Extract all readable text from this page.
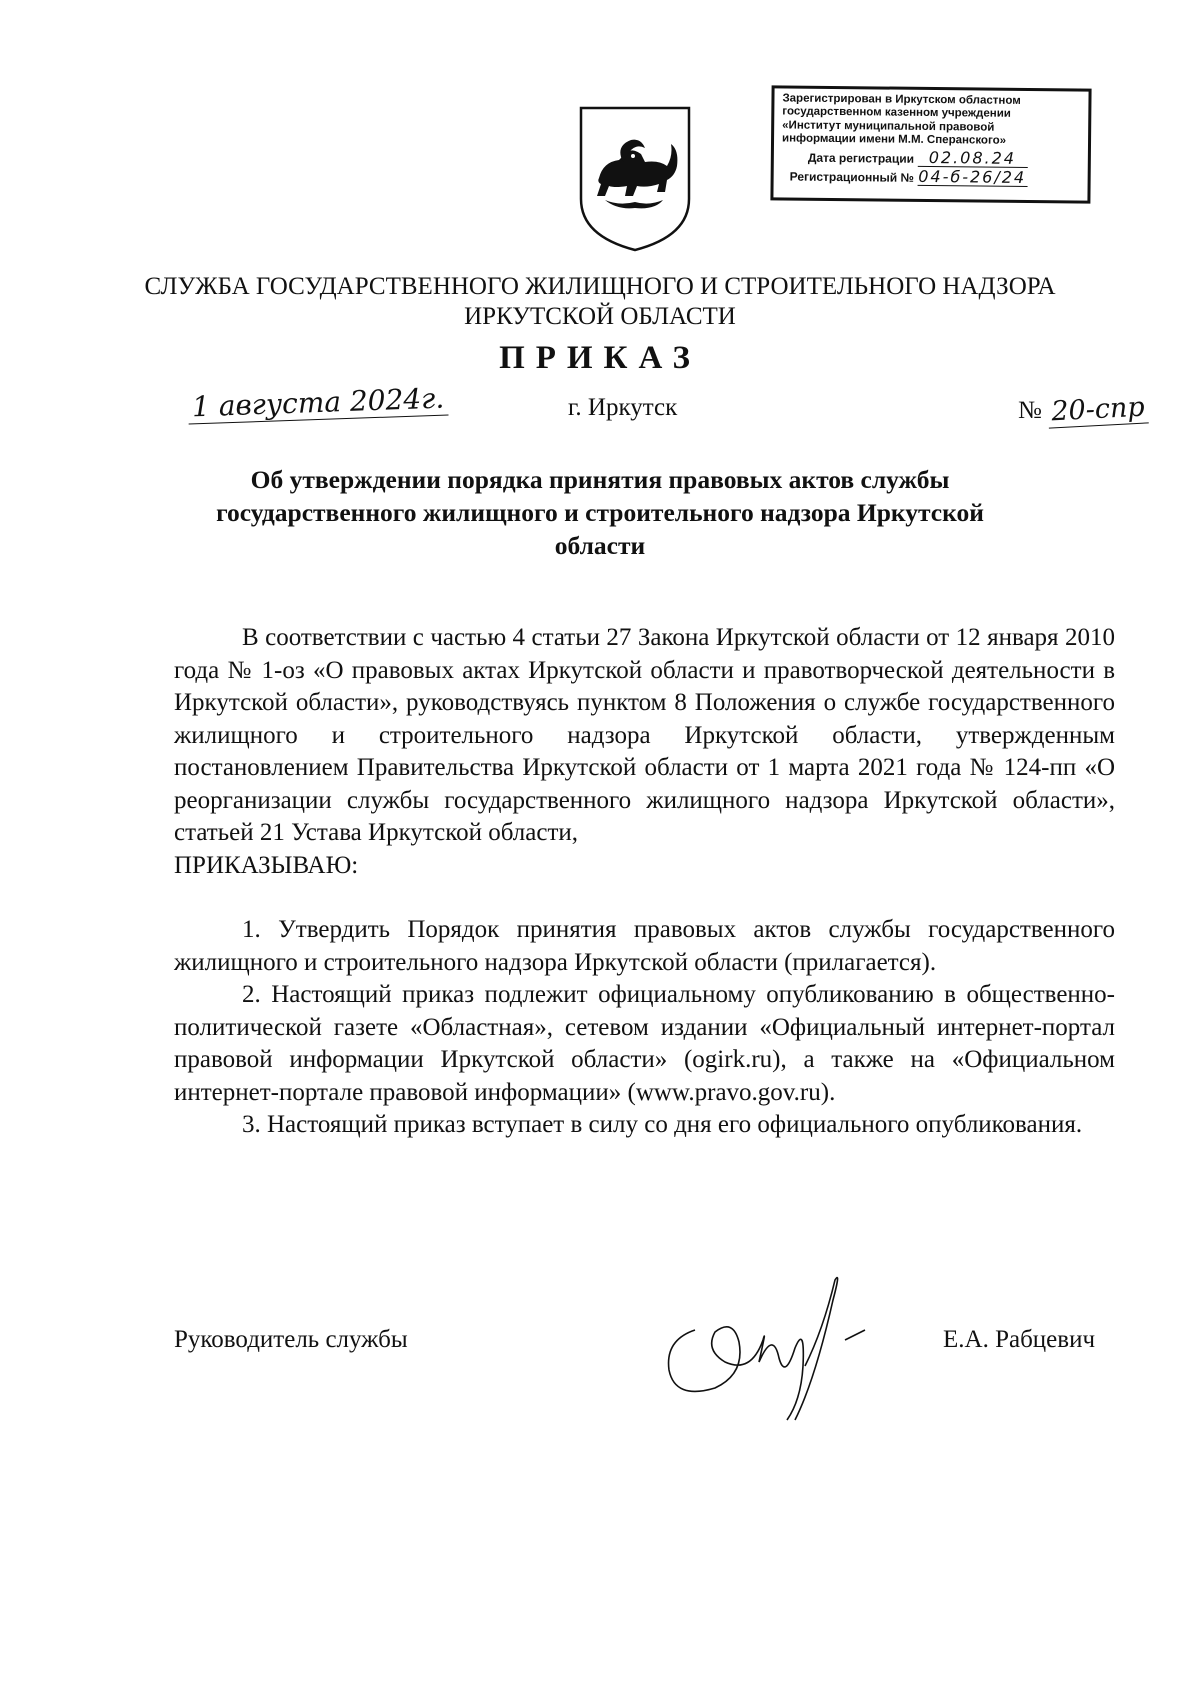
Зарегистрирован в Иркутском областном
государственном казенном учреждении
«Институт муниципальной правовой
информации имени М.М. Сперанского»
Дата регистрации 02.08.24
Регистрационный № 04-б-26/24
СЛУЖБА ГОСУДАРСТВЕННОГО ЖИЛИЩНОГО И СТРОИТЕЛЬНОГО НАДЗОРА
ИРКУТСКОЙ ОБЛАСТИ
ПРИКАЗ
1 августа 2024г.	г. Иркутск	№ 20-спр
Об утверждении порядка принятия правовых актов службы
государственного жилищного и строительного надзора Иркутской
области

В соответствии с частью 4 статьи 27 Закона Иркутской области от 12 января 2010 года № 1-оз «О правовых актах Иркутской области и правотворческой деятельности в Иркутской области», руководствуясь пунктом 8 Положения о службе государственного жилищного и строительного надзора Иркутской области, утвержденным постановлением Правительства Иркутской области от 1 марта 2021 года № 124-пп «О реорганизации службы государственного жилищного надзора Иркутской области», статьей 21 Устава Иркутской области,

ПРИКАЗЫВАЮ:

1. Утвердить Порядок принятия правовых актов службы государственного жилищного и строительного надзора Иркутской области (прилагается).

2. Настоящий приказ подлежит официальному опубликованию в общественно-политической газете «Областная», сетевом издании «Официальный интернет-портал правовой информации Иркутской области» (ogirk.ru), а также на «Официальном интернет-портале правовой информации» (www.pravo.gov.ru).

3. Настоящий приказ вступает в силу со дня его официального опубликования.

Руководитель службы	Е.А. Рабцевич
